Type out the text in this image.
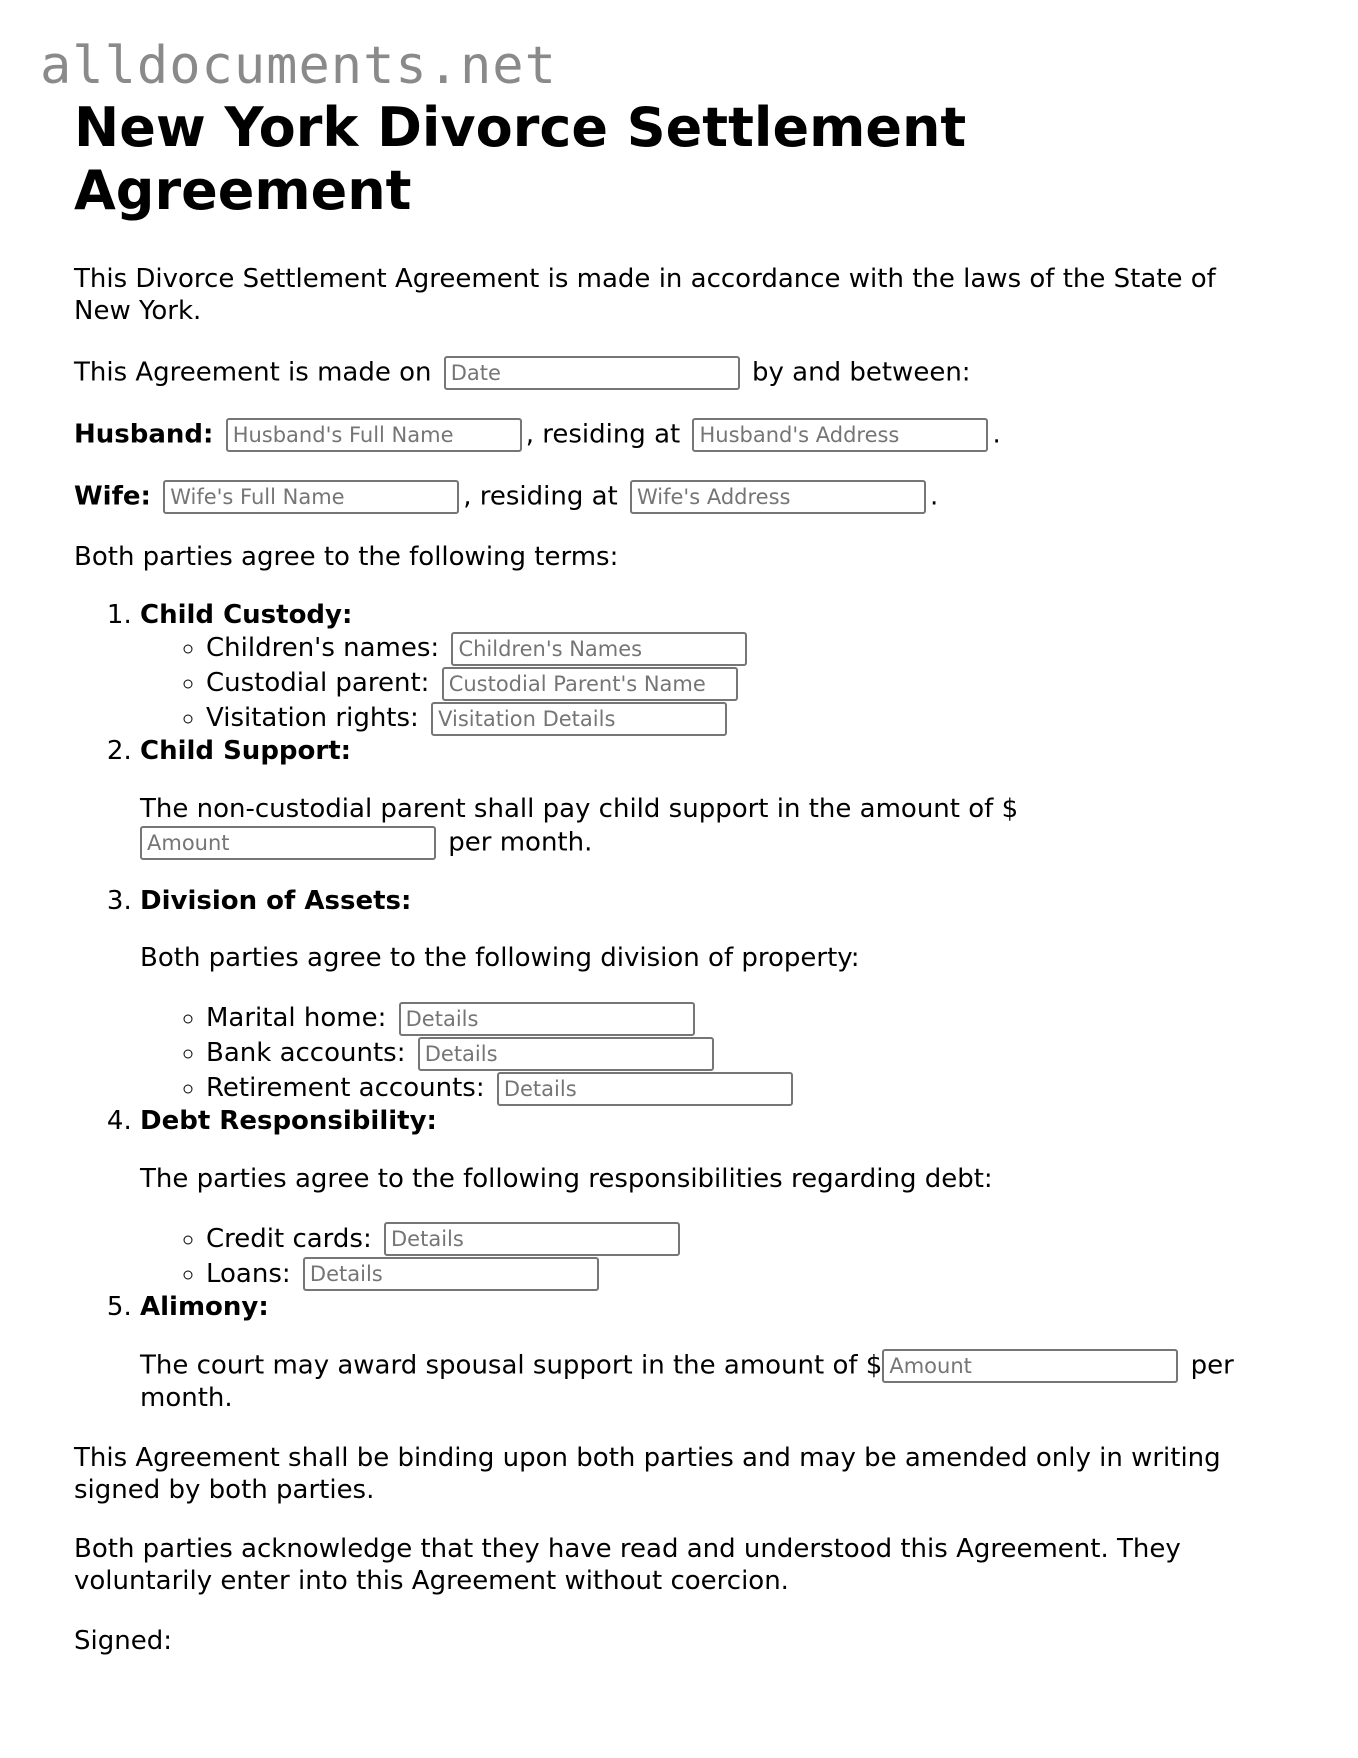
alldocuments.net
New York Divorce Settlement Agreement

This Divorce Settlement Agreement is made in accordance with the laws of the State of New York.

This Agreement is made on Date	by and between:

Husband: Husband's Full Name	, residing at Husband's Address	.

Wife: Wife's Full Name	, residing at Wife's Address	.

Both parties agree to the following terms:

1. Child Custody:
◦ Children's names: Children's Names
◦ Custodial parent: Custodial Parent's Name
◦ Visitation rights: Visitation Details
2. Child Support:

The non-custodial parent shall pay child support in the amount of $
Amount per month.

3. Division of Assets:

Both parties agree to the following division of property:

◦ Marital home: Details
◦ Bank accounts: Details
◦ Retirement accounts: Details
4. Debt Responsibility:

The parties agree to the following responsibilities regarding debt:

◦ Credit cards: Details
◦ Loans: Details
5. Alimony:

The court may award spousal support in the amount of $Amount	per month.

This Agreement shall be binding upon both parties and may be amended only in writing signed by both parties.

Both parties acknowledge that they have read and understood this Agreement. They voluntarily enter into this Agreement without coercion.

Signed:
